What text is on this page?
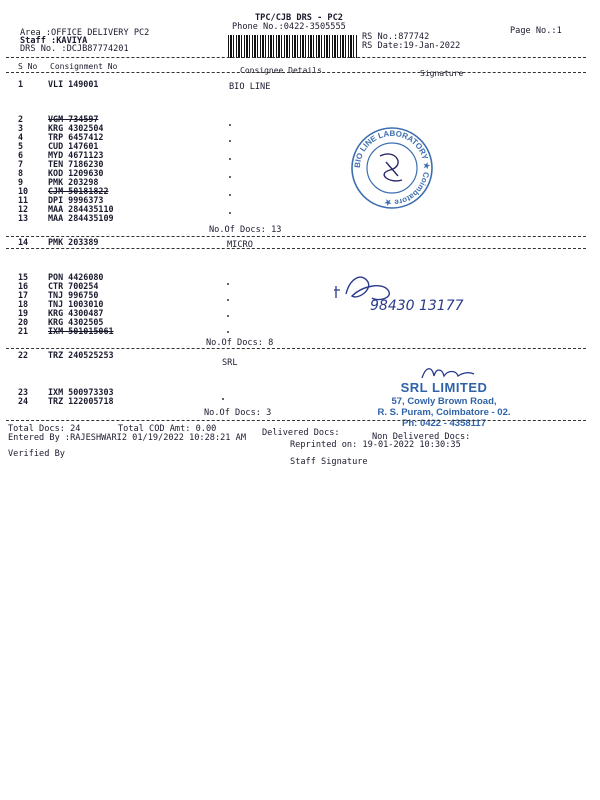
TPC/CJB DRS - PC2
Phone No.:0422-3505555	Page No.:1
Area :OFFICE DELIVERY PC2
Staff :KAVIYA
DRS No. :DCJB87774201
RS No.:877742
RS Date:19-Jan-2022
S No Consignment No	Consignee Details	Signature
1	VLI 149001	BIO LINE
2	VGM 734597
3	KRG 4302504
4	TRP 6457412
5	CUD 147601
6	MYD 4671123
7	TEN 7186230
8	KOD 1209630
9	PMK 203298
10 CJM 50181822
11 DPI 9996373
12 MAA 284435110
13 MAA 284435109
BIO LINE LABORATORY ★ Coimbatore ★
No.Of Docs: 13
14 PMK 203389	MICRO
15 PON 4426080
16 CTR 700254
17 TNJ 996750
18 TNJ 1003010
19 KRG 4300487
20 KRG 4302505
21 IXM 501015061
98430 13177
No.Of Docs: 8
22 TRZ 240525253
SRL
23 IXM 500973303
24 TRZ 122005718
SRL LIMITED
57, Cowly Brown Road,
R. S. Puram, Coimbatore - 02.
Ph: 0422 - 4358117
No.Of Docs: 3
Total Docs: 24	Total COD Amt: 0.00	Delivered Docs:	Non Delivered Docs:
Entered By :RAJESHWARI2 01/19/2022 10:28:21 AM
Reprinted on: 19-01-2022 10:30:35
Verified By
Staff Signature
